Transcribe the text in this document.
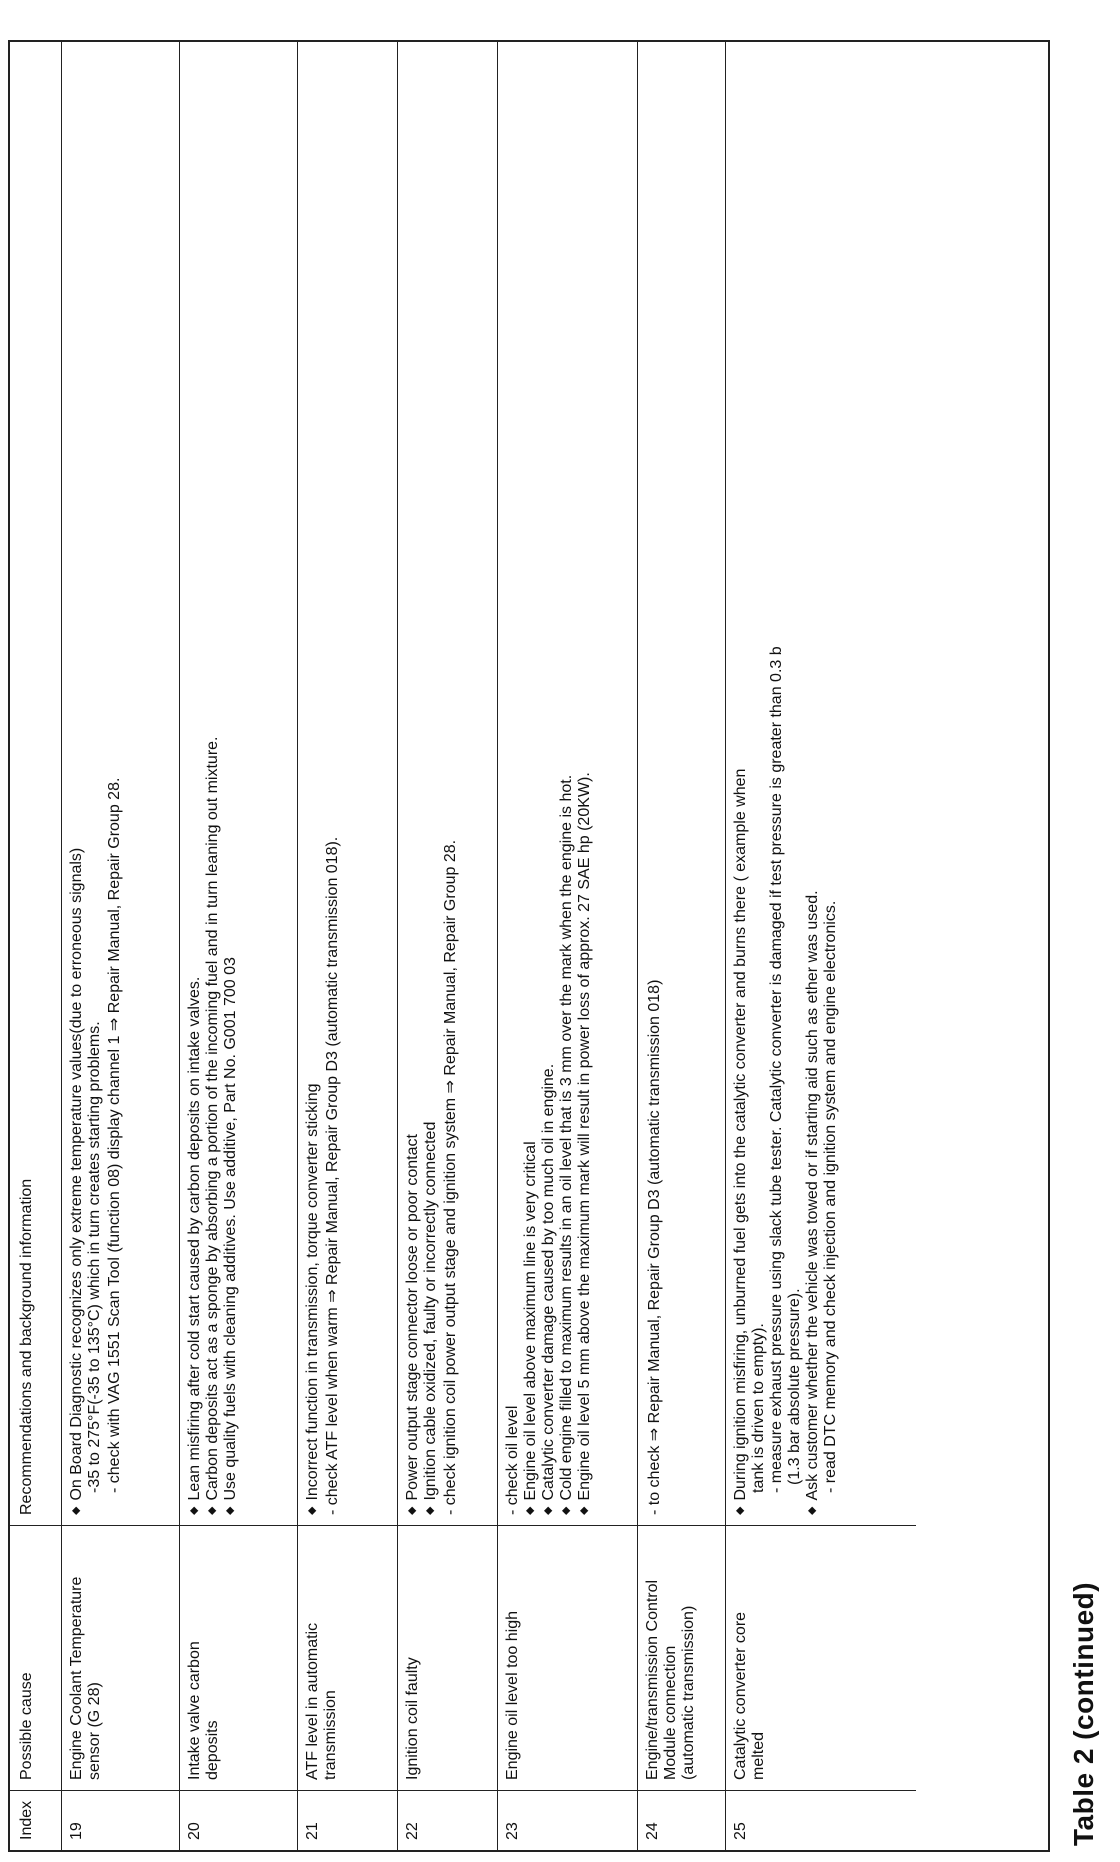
Table 2 (continued)
Index
Possible cause
Recommendations and background information
19
Engine Coolant Temperature sensor (G 28)
◆ On Board Diagnostic recognizes only extreme temperature values(due to erroneous signals) -35 to 275°F(-35 to 135°C) which in turn creates starting problems. - check with VAG 1551 Scan Tool (function 08) display channel 1 ⇒ Repair Manual, Repair Group 28.
20
Intake valve carbon deposits
◆ Lean misfiring after cold start caused by carbon deposits on intake valves. ◆ Carbon deposits act as a sponge by absorbing a portion of the incoming fuel and in turn leaning out mixture. ◆ Use quality fuels with cleaning additives. Use additive, Part No. G001 700 03
21
ATF level in automatic transmission
◆ Incorrect function in transmission, torque converter sticking - check ATF level when warm ⇒ Repair Manual, Repair Group D3 (automatic transmission 018).
22
Ignition coil faulty
◆ Power output stage connector loose or poor contact ◆ Ignition cable oxidized, faulty or incorrectly connected - check ignition coil power output stage and ignition system ⇒ Repair Manual, Repair Group 28.
23
Engine oil level too high
- check oil level ◆ Engine oil level above maximum line is very critical ◆ Catalytic converter damage caused by too much oil in engine. ◆ Cold engine filled to maximum results in an oil level that is 3 mm over the mark when the engine is hot. ◆ Engine oil level 5 mm above the maximum mark will result in power loss of approx. 27 SAE hp (20KW).
24
Engine/transmission Control Module connection (automatic transmission)
- to check ⇒ Repair Manual, Repair Group D3 (automatic transmission 018)
25
Catalytic converter core melted
◆ During ignition misfiring, unburned fuel gets into the catalytic converter and burns there ( example when tank is driven to empty). - measure exhaust pressure using slack tube tester. Catalytic converter is damaged if test pressure is greater than 0.3 b (1.3 bar absolute pressure). ◆ Ask customer whether the vehicle was towed or if starting aid such as ether was used. - read DTC memory and check injection and ignition system and engine electronics.
